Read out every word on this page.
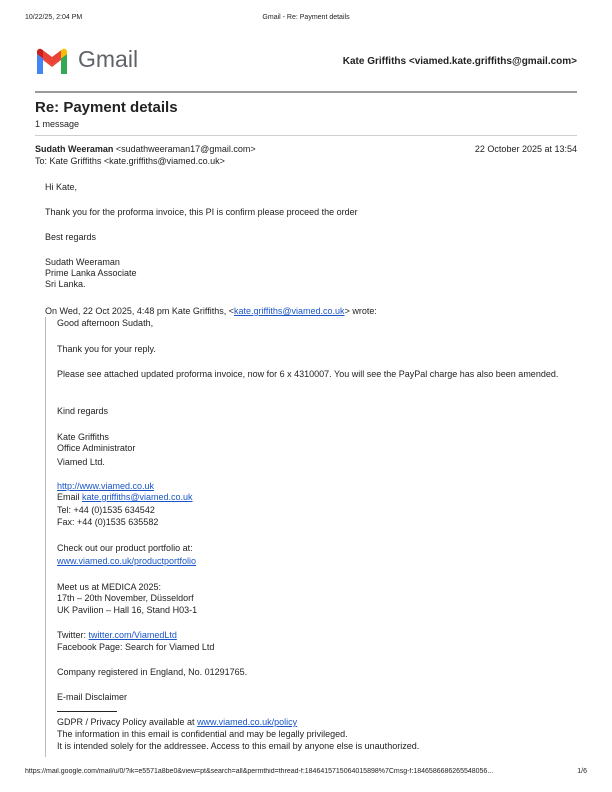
10/22/25, 2:04 PM	Gmail - Re: Payment details
Gmail	Kate Griffiths <viamed.kate.griffiths@gmail.com>
Re: Payment details
1 message
Sudath Weeraman <sudathweeraman17@gmail.com>	22 October 2025 at 13:54
To: Kate Griffiths <kate.griffiths@viamed.co.uk>
Hi Kate,
Thank you for the proforma invoice, this PI is confirm please proceed the order
Best regards
Sudath Weeraman
Prime Lanka Associate
Sri Lanka.
On Wed, 22 Oct 2025, 4:48 pm Kate Griffiths, <kate.griffiths@viamed.co.uk> wrote:
Good afternoon Sudath,
Thank you for your reply.
Please see attached updated proforma invoice, now for 6 x 4310007. You will see the PayPal charge has also been amended.
Kind regards
Kate Griffiths
Office Administrator
Viamed Ltd.
http://www.viamed.co.uk
Email kate.griffiths@viamed.co.uk
Tel: +44 (0)1535 634542
Fax: +44 (0)1535 635582
Check out our product portfolio at:
www.viamed.co.uk/productportfolio
Meet us at MEDICA 2025:
17th – 20th November, Düsseldorf
UK Pavilion – Hall 16, Stand H03-1
Twitter: twitter.com/ViamedLtd
Facebook Page: Search for Viamed Ltd
Company registered in England, No. 01291765.
E-mail Disclaimer
GDPR / Privacy Policy available at www.viamed.co.uk/policy
The information in this email is confidential and may be legally privileged.
It is intended solely for the addressee. Access to this email by anyone else is unauthorized.
https://mail.google.com/mail/u/0/?ik=e5571a8be0&view=pt&search=all&permthid=thread-f:1846415715064015898%7Cmsg-f:1846586686265548056...	1/6
